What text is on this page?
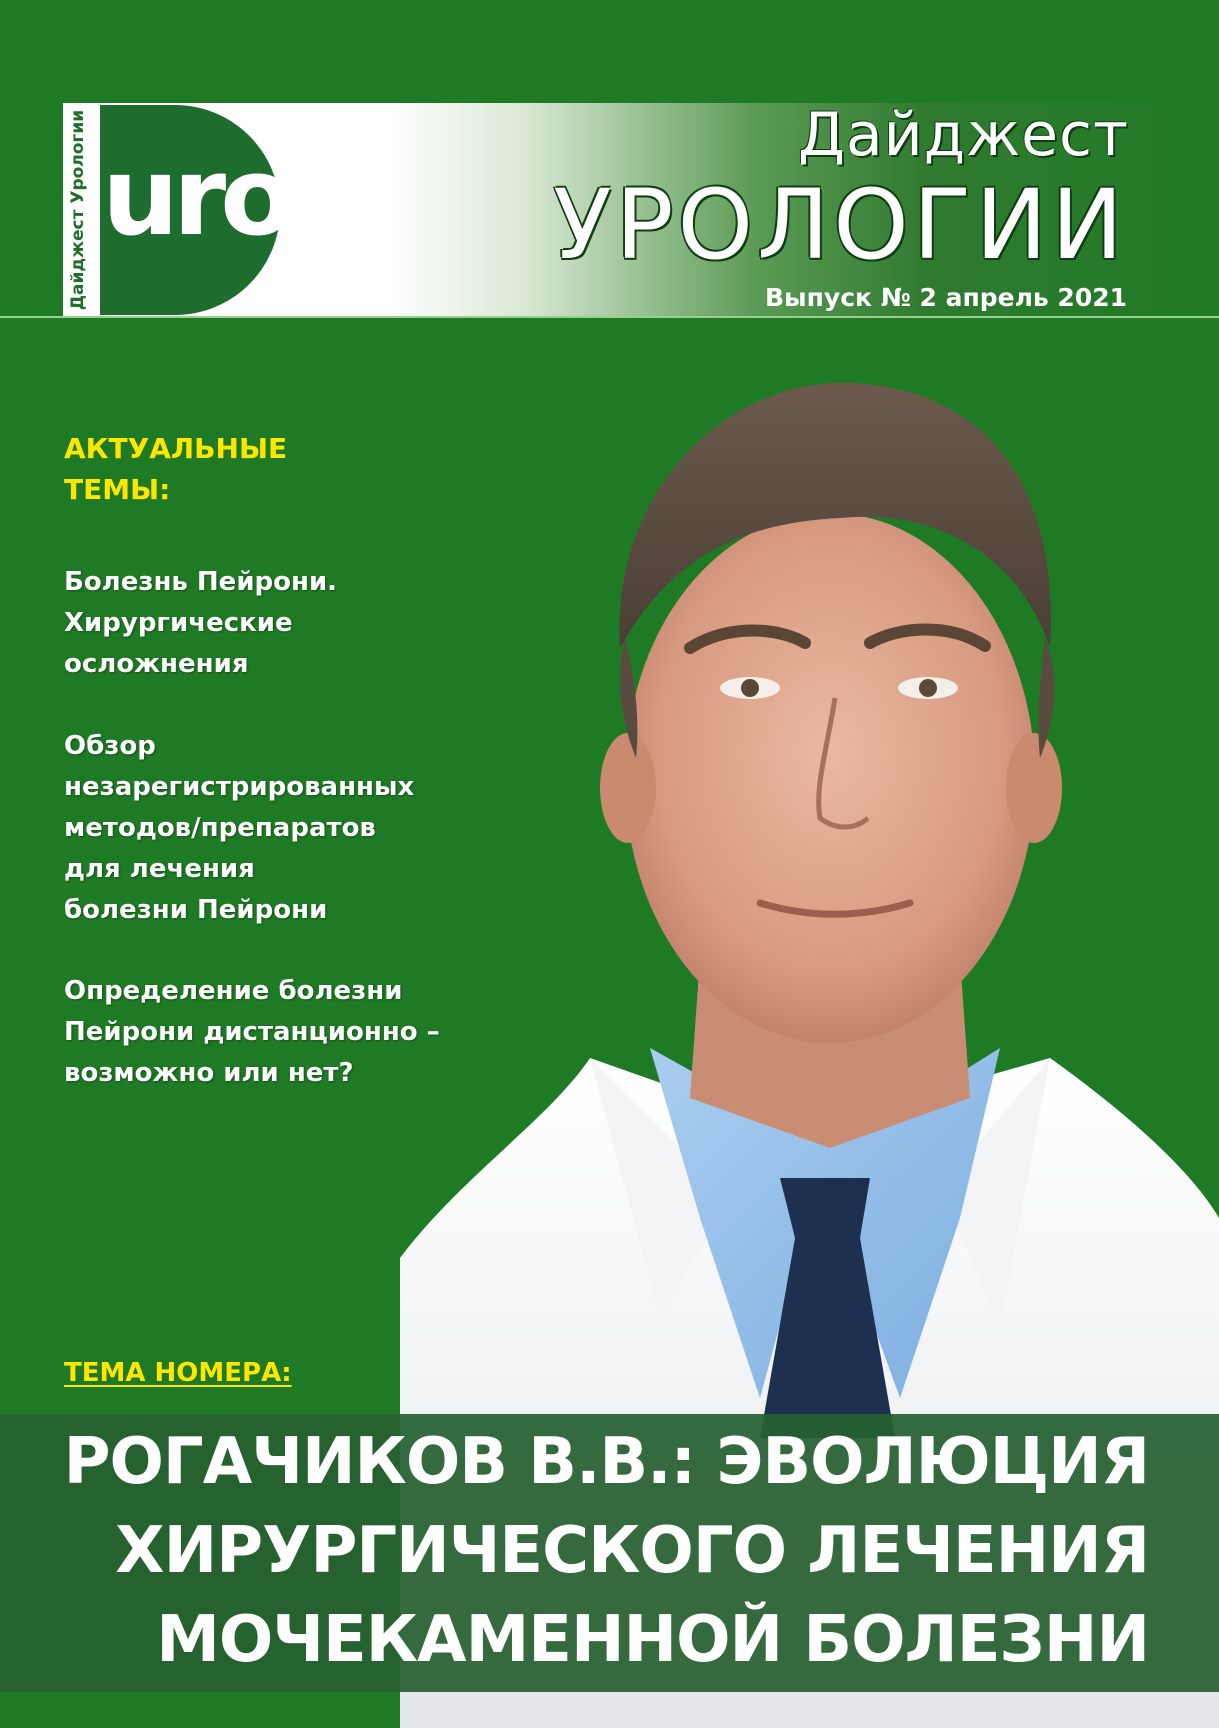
Дайджест Урологии uro	Дайджест
УРОЛОГИИ
Выпуск № 2 апрель 2021
АКТУАЛЬНЫЕ
ТЕМЫ:
Болезнь Пейрони.
Хирургические
осложнения
Обзор
незарегистрированных
методов/препаратов
для лечения
болезни Пейрони
Определение болезни
Пейрони дистанционно –
возможно или нет?
ТЕМА НОМЕРА:
РОГАЧИКОВ В.В.: ЭВОЛЮЦИЯ
ХИРУРГИЧЕСКОГО ЛЕЧЕНИЯ
МОЧЕКАМЕННОЙ БОЛЕЗНИ
